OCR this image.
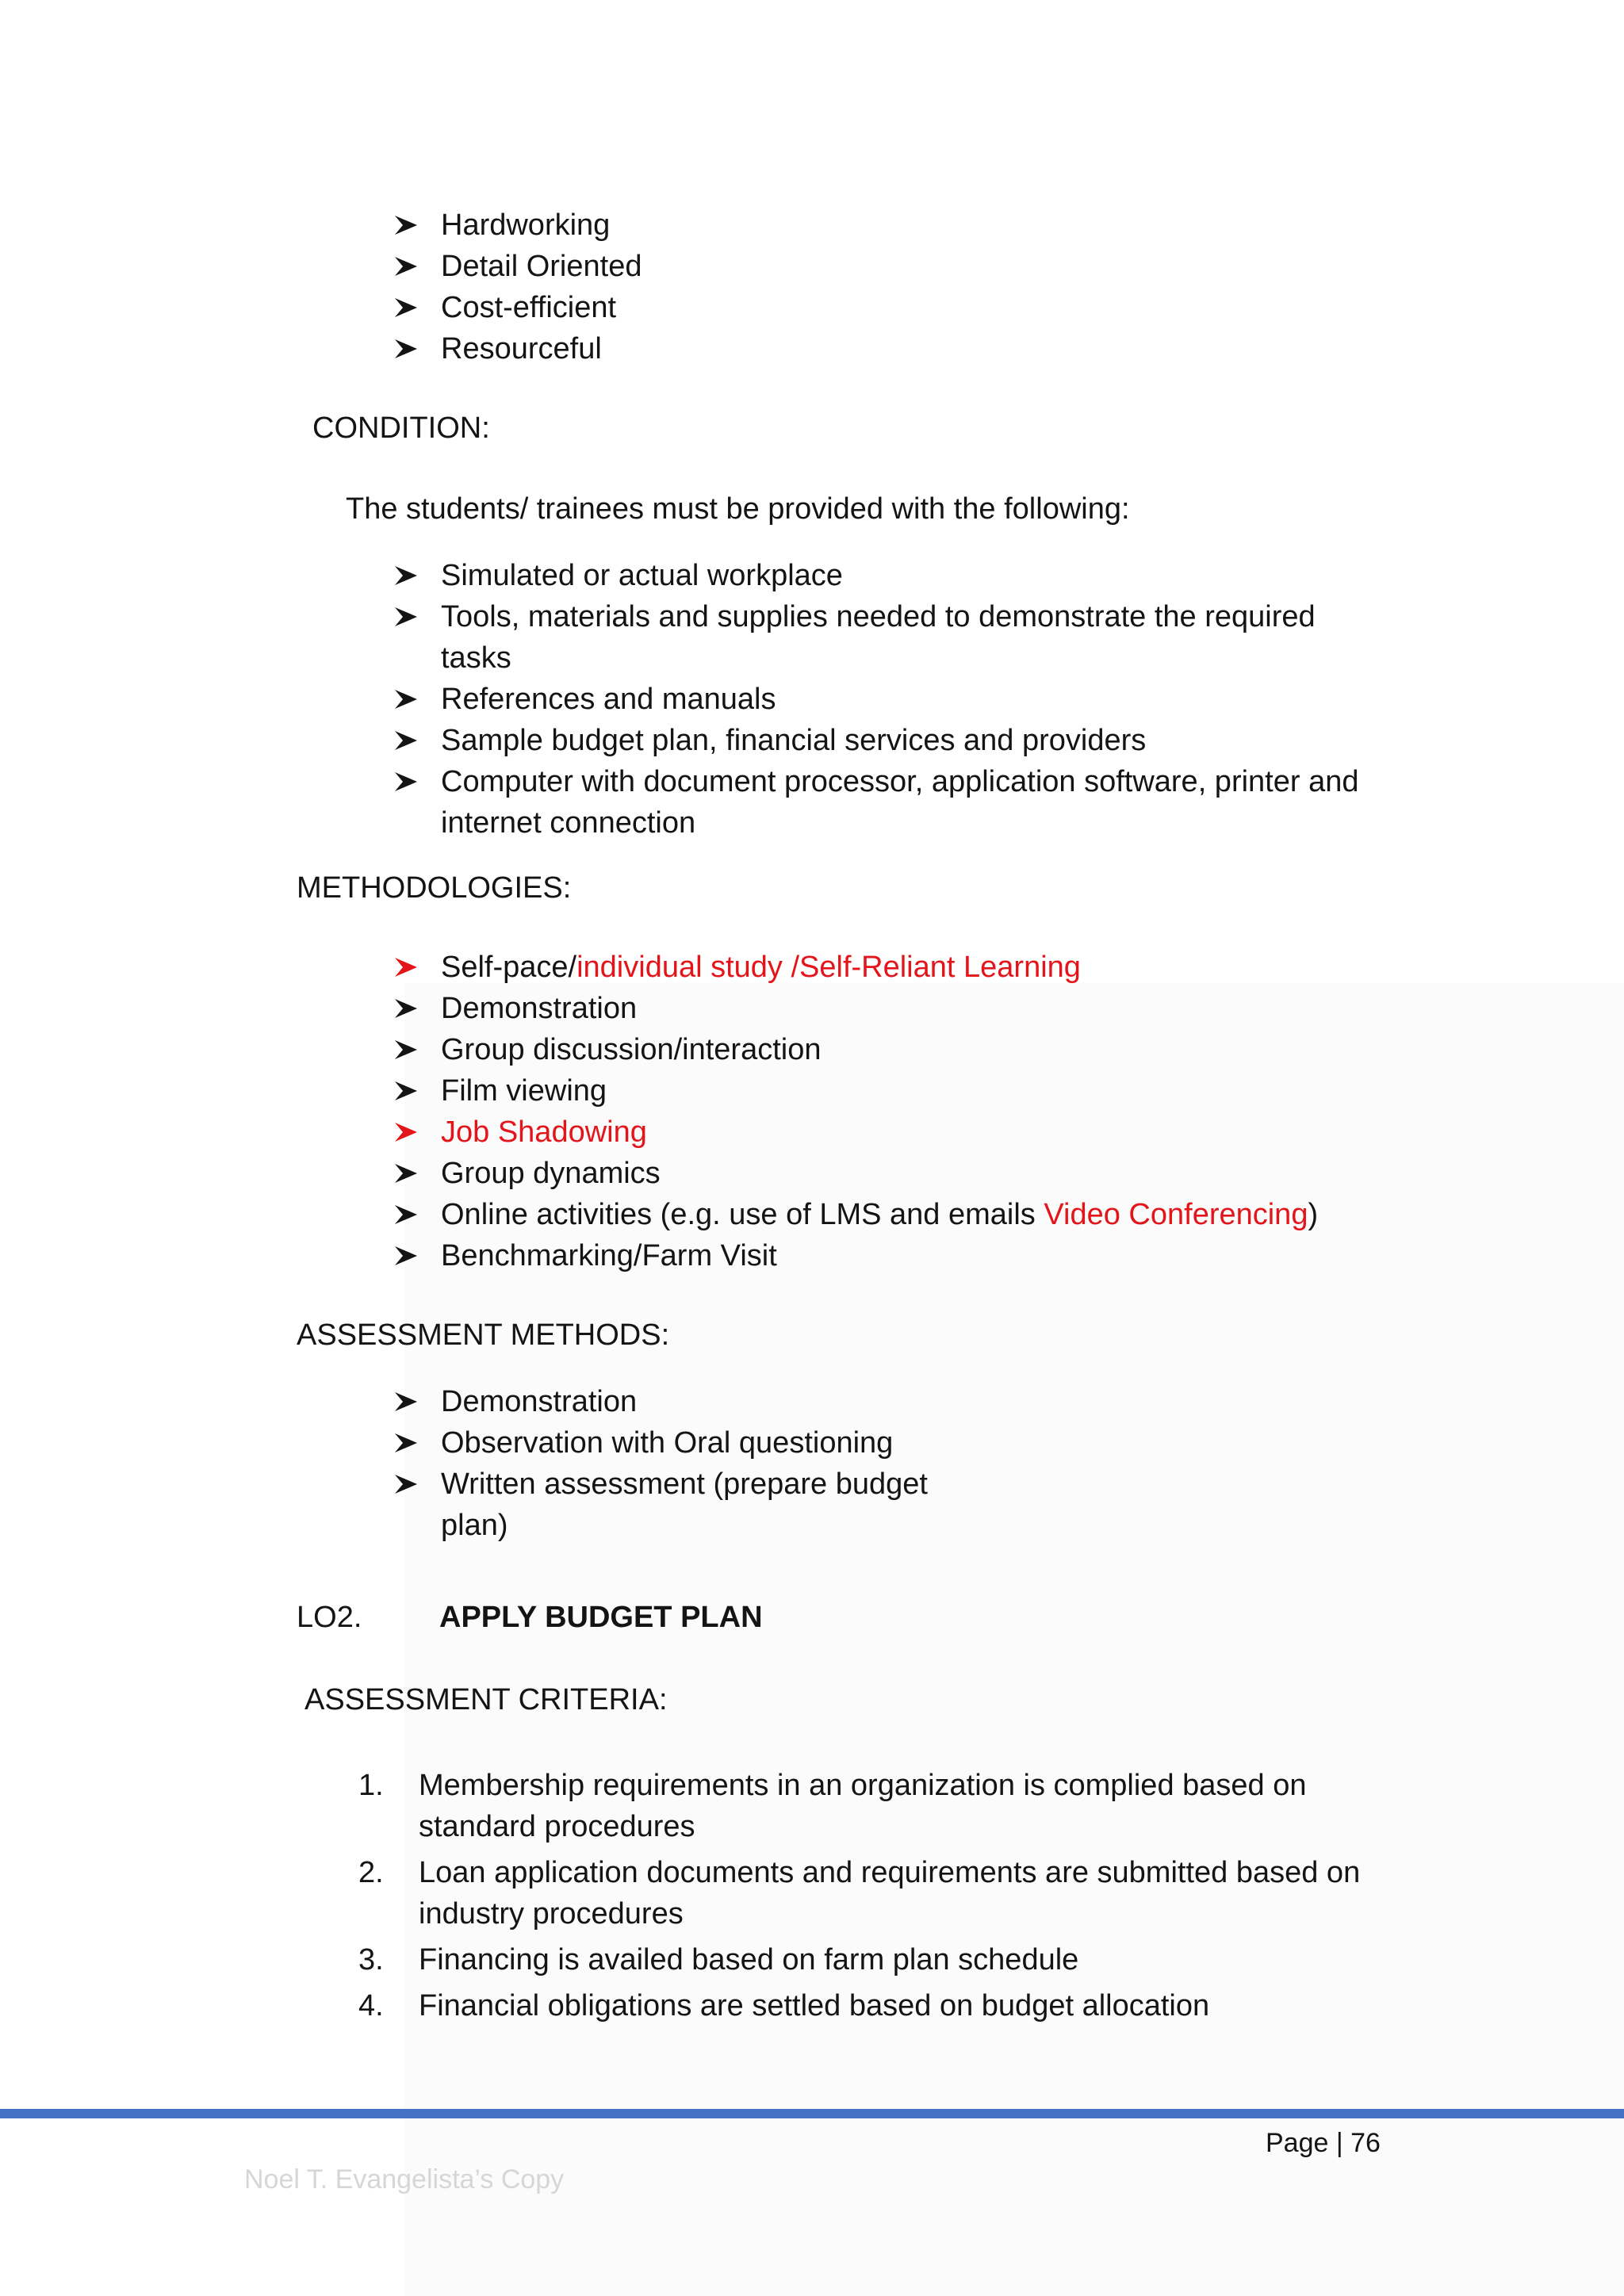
Hardworking
Detail Oriented
Cost-efficient
Resourceful
CONDITION:
The students/ trainees must be provided with the following:
Simulated or actual workplace
Tools, materials and supplies needed to demonstrate the required tasks
References and manuals
Sample budget plan, financial services and providers
Computer with document processor, application software, printer and internet connection
METHODOLOGIES:
Self-pace/individual study /Self-Reliant Learning
Demonstration
Group discussion/interaction
Film viewing
Job Shadowing
Group dynamics
Online activities (e.g. use of LMS and emails Video Conferencing)
Benchmarking/Farm Visit
ASSESSMENT METHODS:
Demonstration
Observation with Oral questioning
Written assessment (prepare budget plan)
LO2.	APPLY BUDGET PLAN
ASSESSMENT CRITERIA:
1. Membership requirements in an organization is complied based on standard procedures
2. Loan application documents and requirements are submitted based on industry procedures
3. Financing is availed based on farm plan schedule
4. Financial obligations are settled based on budget allocation
Page | 76
Noel T. Evangelista’s Copy
